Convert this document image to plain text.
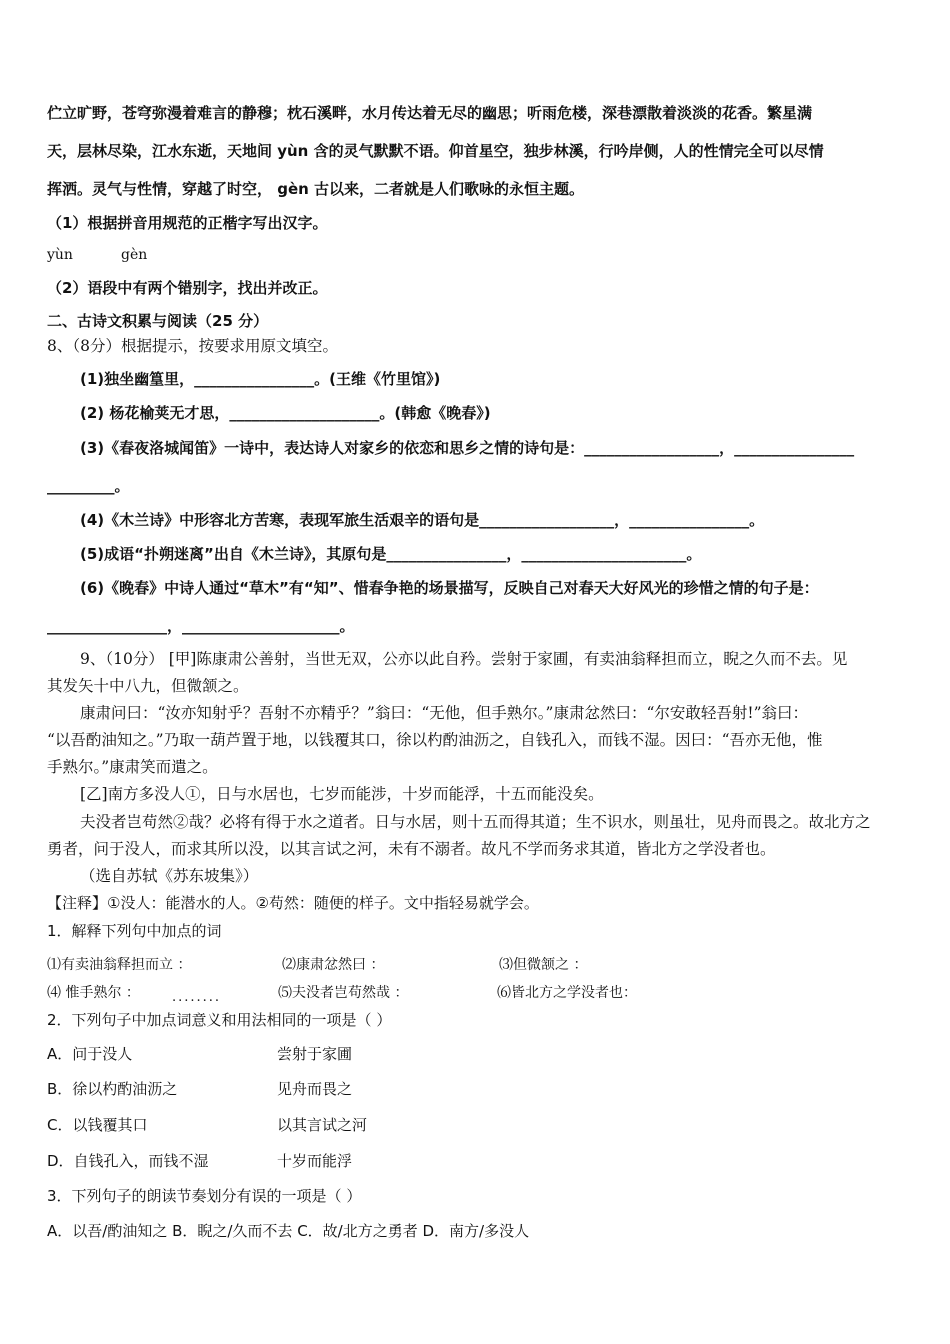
伫立旷野，苍穹弥漫着难言的静穆；枕石溪畔，水月传达着无尽的幽思；听雨危楼，深巷漂散着淡淡的花香。繁星满
天，层林尽染，江水东逝，天地间 yùn 含的灵气默默不语。仰首星空，独步林溪，行吟岸侧，人的性情完全可以尽情
挥洒。灵气与性情，穿越了时空， gèn 古以来，二者就是人们歌咏的永恒主题。
（1）根据拼音用规范的正楷字写出汉字。
yùn	gèn
（2）语段中有两个错别字，找出并改正。
二、古诗文积累与阅读（25 分）
8、（8分）根据提示，按要求用原文填空。
(1)独坐幽篁里，________________。(王维《竹里馆》)
(2) 杨花榆荚无才思，____________________。(韩愈《晚春》)
(3)《春夜洛城闻笛》一诗中，表达诗人对家乡的依恋和思乡之情的诗句是：__________________，________________
_________。
(4)《木兰诗》中形容北方苦寒，表现军旅生活艰辛的语句是__________________，________________。
(5)成语“扑朔迷离”出自《木兰诗》，其原句是________________，______________________。
(6)《晚春》中诗人通过“草木”有“知”、惜春争艳的场景描写，反映自己对春天大好风光的珍惜之情的句子是：
________________，_____________________。
9、（10分） [甲]陈康肃公善射，当世无双，公亦以此自矜。尝射于家圃，有卖油翁释担而立，睨之久而不去。见
其发矢十中八九，但微颔之。
康肃问曰：“汝亦知射乎？吾射不亦精乎？”翁曰：“无他，但手熟尔。”康肃忿然曰：“尔安敢轻吾射!”翁曰：
“以吾酌油知之。”乃取一葫芦置于地，以钱覆其口，徐以杓酌油沥之，自钱孔入，而钱不湿。因曰：“吾亦无他，惟
手熟尔。”康肃笑而遣之。
[乙]南方多没人①，日与水居也，七岁而能涉，十岁而能浮，十五而能没矣。
夫没者岂苟然②哉？必将有得于水之道者。日与水居，则十五而得其道；生不识水，则虽壮，见舟而畏之。故北方之
勇者，问于没人，而求其所以没，以其言试之河，未有不溺者。故凡不学而务求其道，皆北方之学没者也。
（选自苏轼《苏东坡集》）
【注释】①没人：能潜水的人。②苟然：随便的样子。文中指轻易就学会。
1．解释下列句中加点的词
⑴有卖油翁释担而立 ：	⑵康肃忿然曰 ：	⑶但微颔之 ：
⑷ 惟手熟尔 ： ........	⑸夫没者岂苟然哉 ：	⑹皆北方之学没者也：
2．下列句子中加点词意义和用法相同的一项是（ ）
A．问于没人	尝射于家圃
B．徐以杓酌油沥之	见舟而畏之
C．以钱覆其口	以其言试之河
D．自钱孔入，而钱不湿	十岁而能浮
3．下列句子的朗读节奏划分有误的一项是（ ）
A．以吾/酌油知之 B．睨之/久而不去 C．故/北方之勇者 D．南方/多没人
